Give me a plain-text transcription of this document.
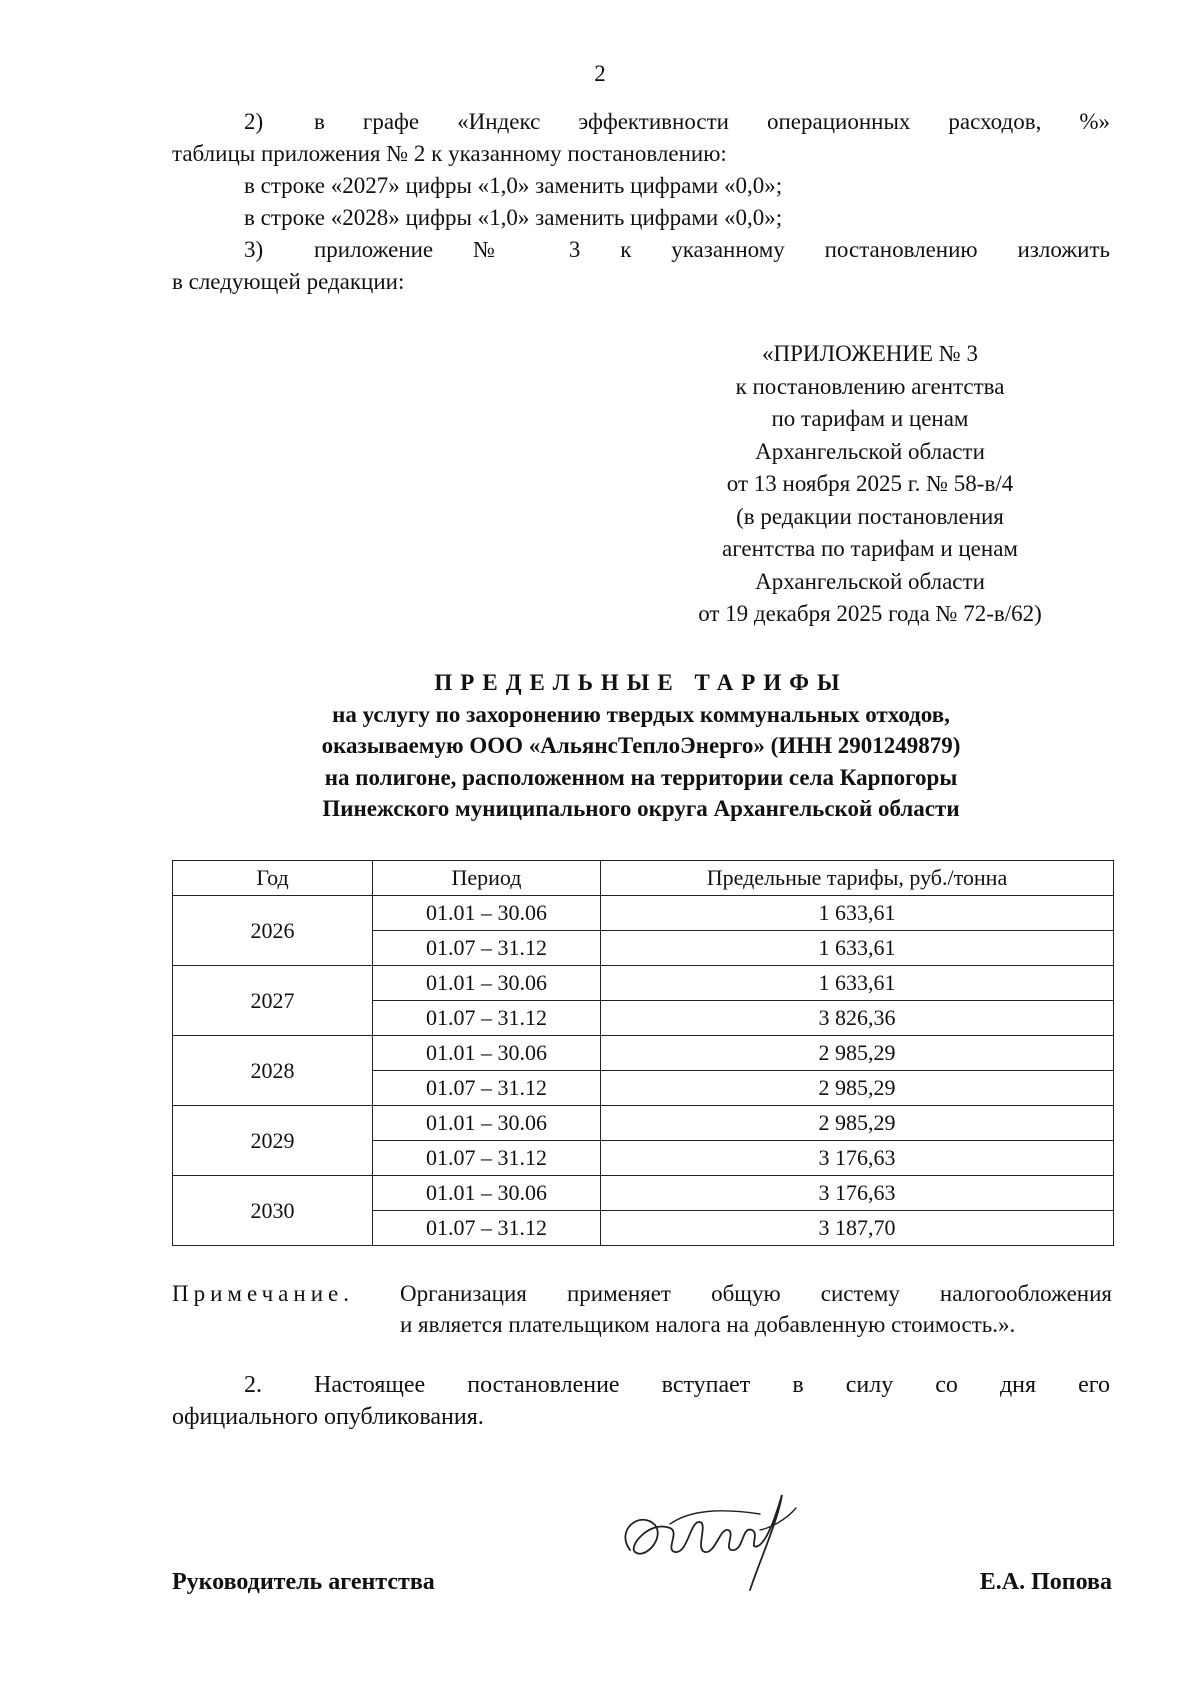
2
2) в графе «Индекс эффективности операционных расходов, %»
таблицы приложения № 2 к указанному постановлению:
в строке «2027» цифры «1,0» заменить цифрами «0,0»;
в строке «2028» цифры «1,0» заменить цифрами «0,0»;
3) приложение № 3 к указанному постановлению изложить
в следующей редакции:
«ПРИЛОЖЕНИЕ № 3
к постановлению агентства
по тарифам и ценам
Архангельской области
от 13 ноября 2025 г. № 58-в/4
(в редакции постановления
агентства по тарифам и ценам
Архангельской области
от 19 декабря 2025 года № 72-в/62)
ПРЕДЕЛЬНЫЕ ТАРИФЫ
на услугу по захоронению твердых коммунальных отходов,
оказываемую ООО «АльянсТеплоЭнерго» (ИНН 2901249879)
на полигоне, расположенном на территории села Карпогоры
Пинежского муниципального округа Архангельской области
Год	Период	Предельные тарифы, руб./тонна
2026	01.01 – 30.06	1 633,61
	01.07 – 31.12	1 633,61
2027	01.01 – 30.06	1 633,61
	01.07 – 31.12	3 826,36
2028	01.01 – 30.06	2 985,29
	01.07 – 31.12	2 985,29
2029	01.01 – 30.06	2 985,29
	01.07 – 31.12	3 176,63
2030	01.01 – 30.06	3 176,63
	01.07 – 31.12	3 187,70
Примечание. Организация применяет общую систему налогообложения
и является плательщиком налога на добавленную стоимость.».
2. Настоящее постановление вступает в силу со дня его
официального опубликования.
Руководитель агентства	Е.А. Попова
